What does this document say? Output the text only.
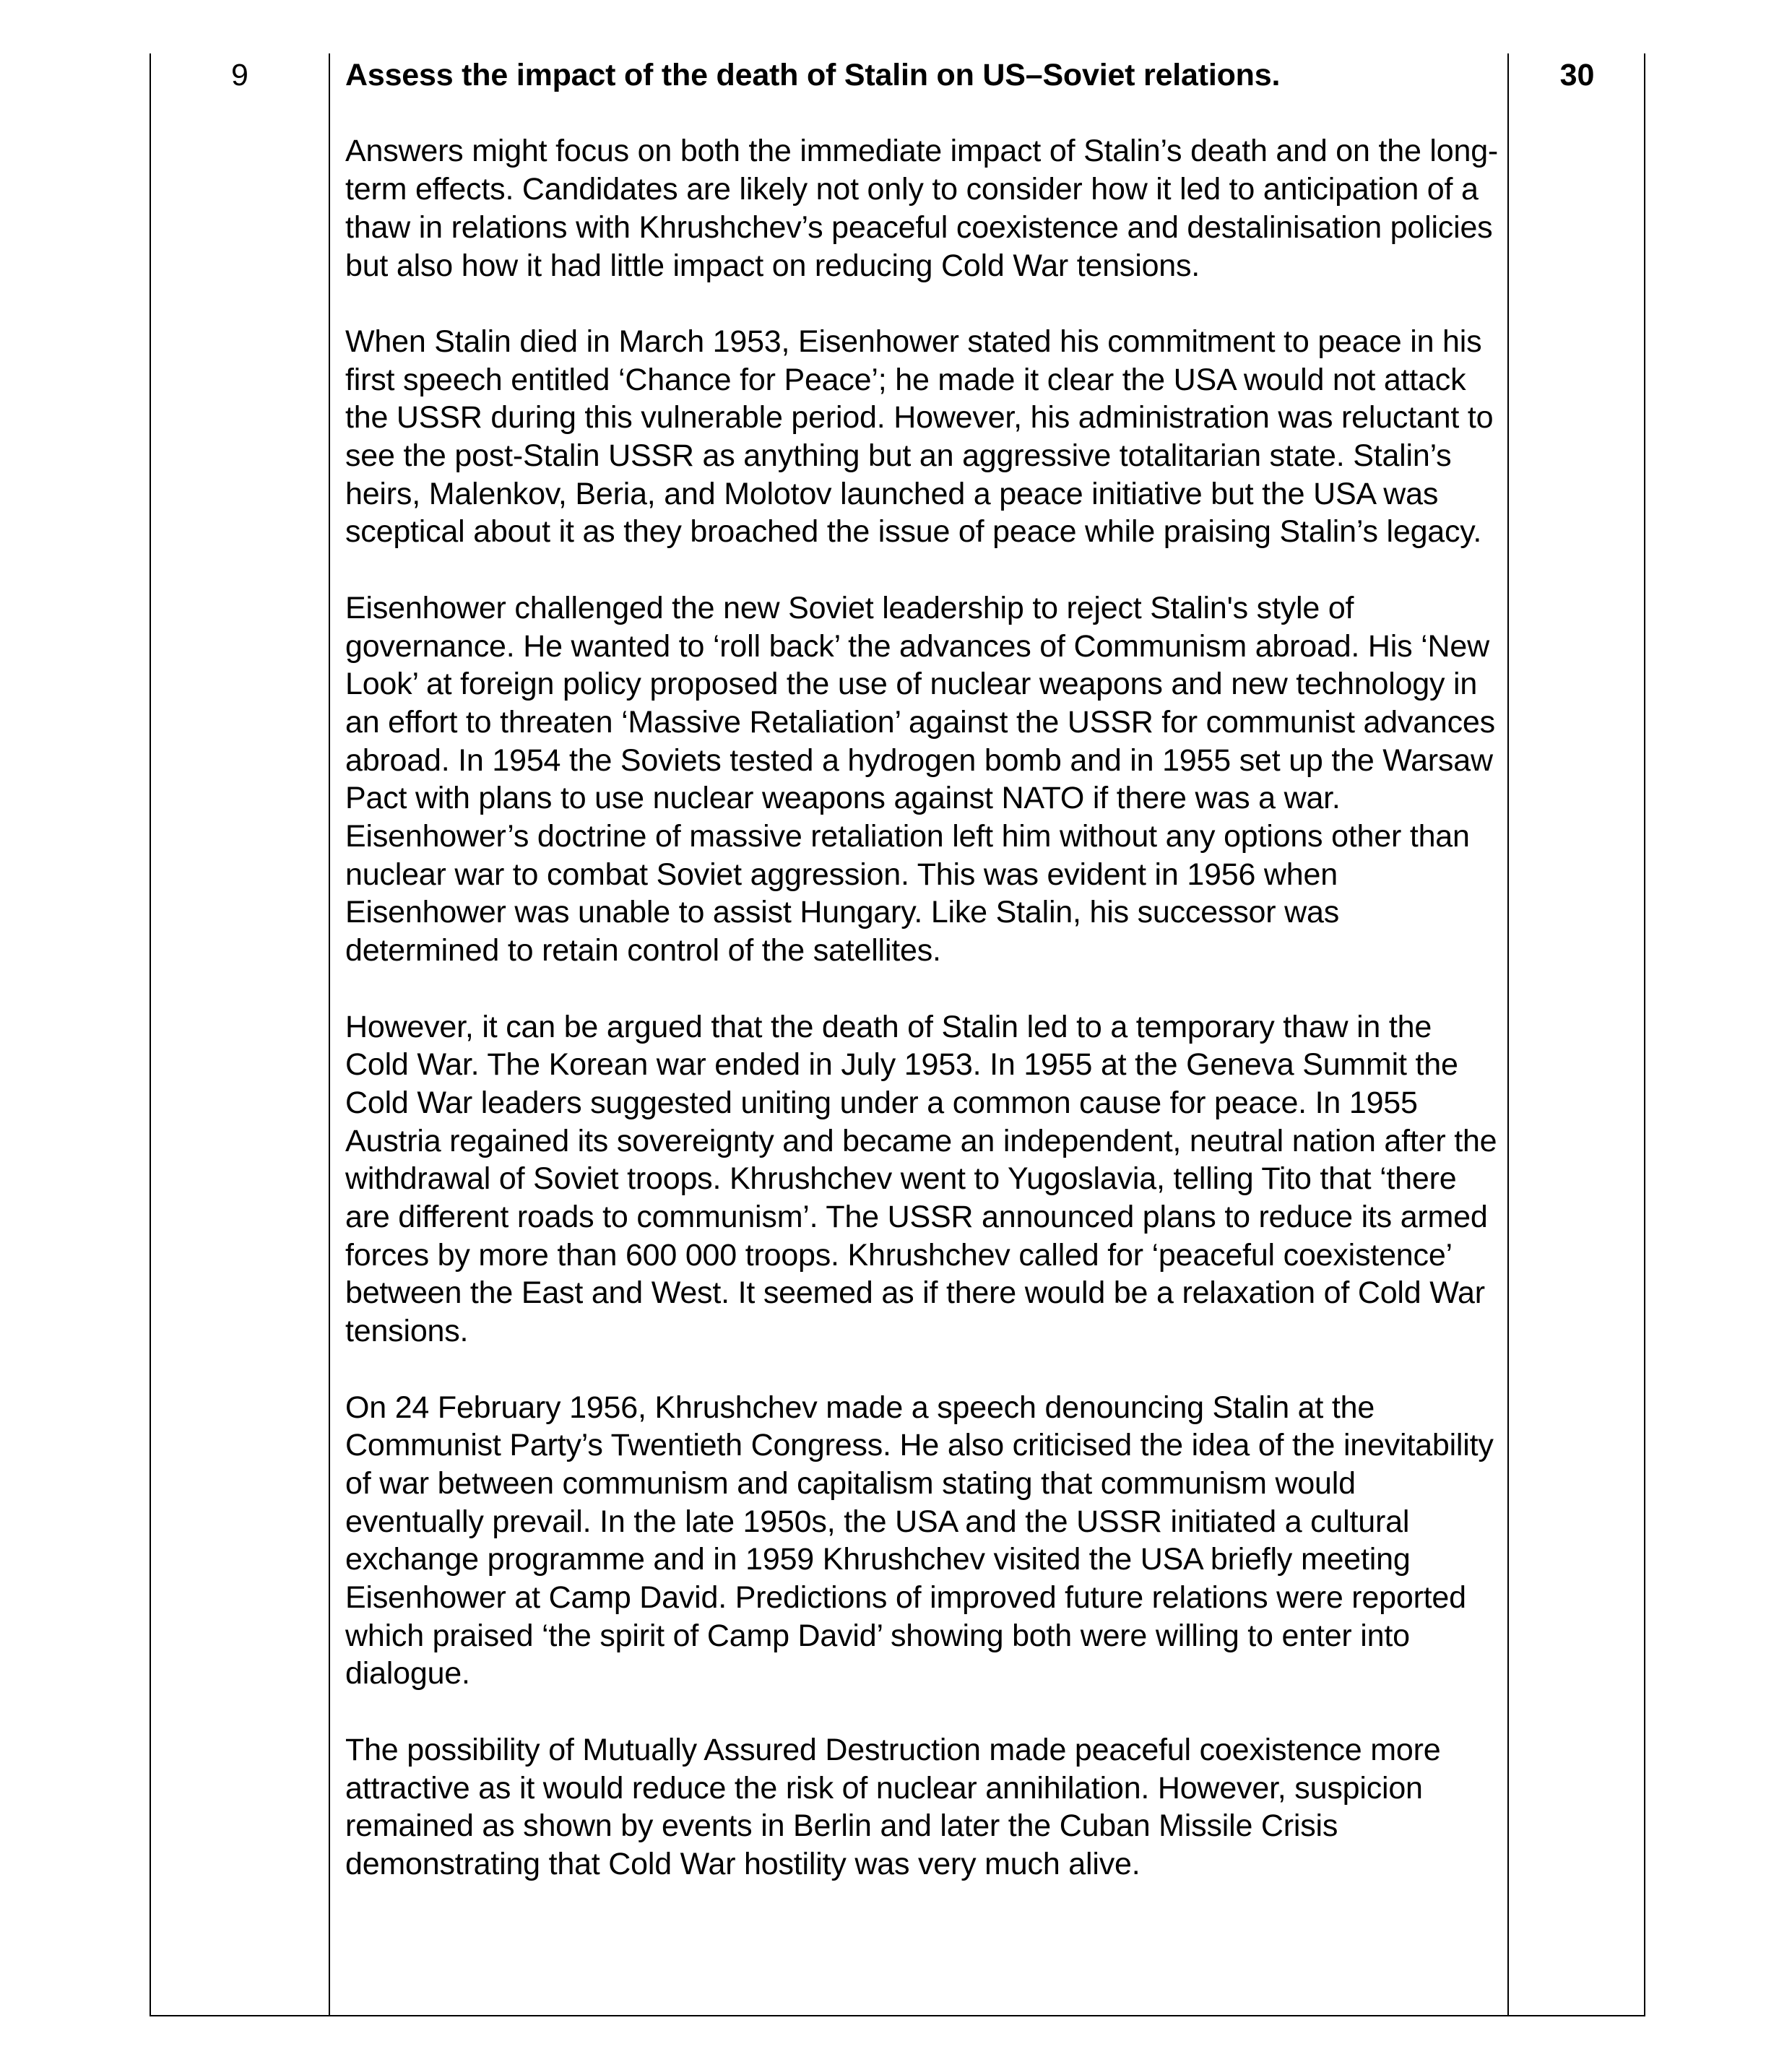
9	Assess the impact of the death of Stalin on US–Soviet relations.

Answers might focus on both the immediate impact of Stalin’s death and on the long-term effects. Candidates are likely not only to consider how it led to anticipation of a thaw in relations with Khrushchev’s peaceful coexistence and destalinisation policies but also how it had little impact on reducing Cold War tensions.

When Stalin died in March 1953, Eisenhower stated his commitment to peace in his first speech entitled ‘Chance for Peace’; he made it clear the USA would not attack the USSR during this vulnerable period. However, his administration was reluctant to see the post-Stalin USSR as anything but an aggressive totalitarian state. Stalin’s heirs, Malenkov, Beria, and Molotov launched a peace initiative but the USA was sceptical about it as they broached the issue of peace while praising Stalin’s legacy.

Eisenhower challenged the new Soviet leadership to reject Stalin's style of governance. He wanted to ‘roll back’ the advances of Communism abroad. His ‘New Look’ at foreign policy proposed the use of nuclear weapons and new technology in an effort to threaten ‘Massive Retaliation’ against the USSR for communist advances abroad. In 1954 the Soviets tested a hydrogen bomb and in 1955 set up the Warsaw Pact with plans to use nuclear weapons against NATO if there was a war. Eisenhower’s doctrine of massive retaliation left him without any options other than nuclear war to combat Soviet aggression. This was evident in 1956 when Eisenhower was unable to assist Hungary. Like Stalin, his successor was determined to retain control of the satellites.

However, it can be argued that the death of Stalin led to a temporary thaw in the Cold War. The Korean war ended in July 1953. In 1955 at the Geneva Summit the Cold War leaders suggested uniting under a common cause for peace. In 1955 Austria regained its sovereignty and became an independent, neutral nation after the withdrawal of Soviet troops. Khrushchev went to Yugoslavia, telling Tito that ‘there are different roads to communism’. The USSR announced plans to reduce its armed forces by more than 600 000 troops. Khrushchev called for ‘peaceful coexistence’ between the East and West. It seemed as if there would be a relaxation of Cold War tensions.

On 24 February 1956, Khrushchev made a speech denouncing Stalin at the Communist Party’s Twentieth Congress. He also criticised the idea of the inevitability of war between communism and capitalism stating that communism would eventually prevail. In the late 1950s, the USA and the USSR initiated a cultural exchange programme and in 1959 Khrushchev visited the USA briefly meeting Eisenhower at Camp David. Predictions of improved future relations were reported which praised ‘the spirit of Camp David’ showing both were willing to enter into dialogue.

The possibility of Mutually Assured Destruction made peaceful coexistence more attractive as it would reduce the risk of nuclear annihilation. However, suspicion remained as shown by events in Berlin and later the Cuban Missile Crisis demonstrating that Cold War hostility was very much alive.

30
